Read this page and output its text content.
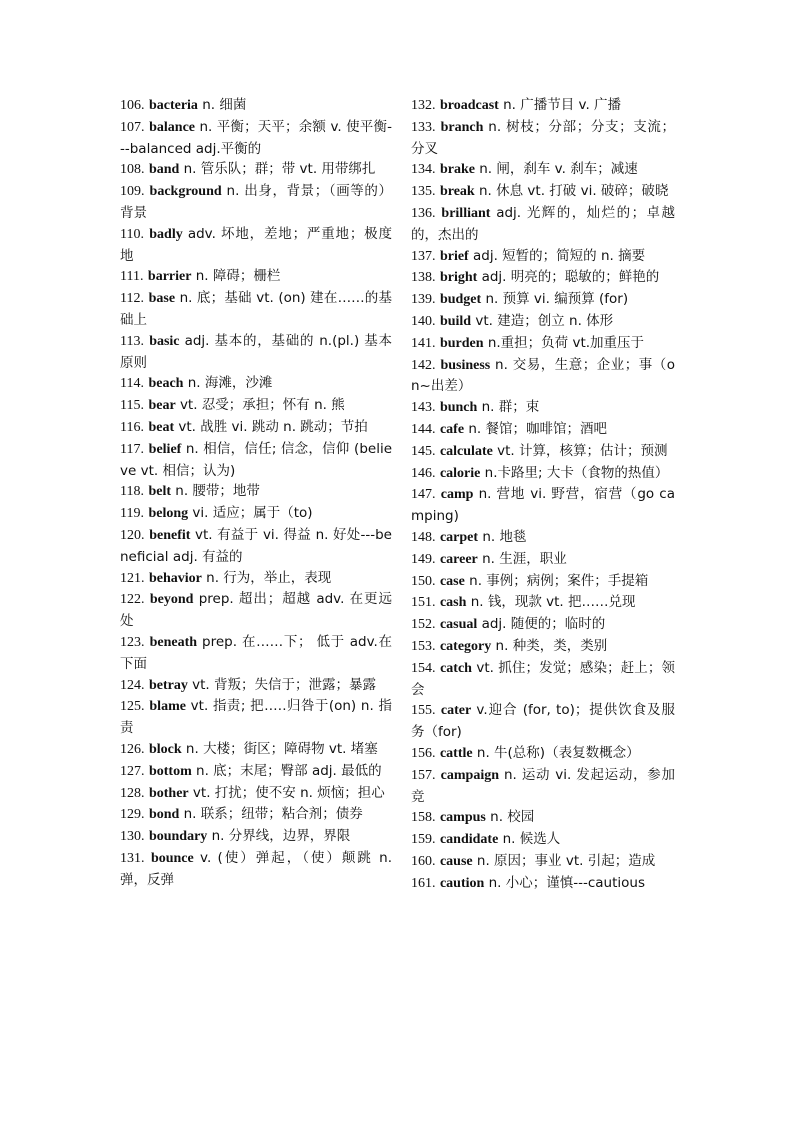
106. bacteria n. 细菌

107. balance n. 平衡；天平；余额 v. 使平衡---balanced adj.平衡的

108. band n. 管乐队；群；带 vt. 用带绑扎

109. background n. 出身，背景；（画等的）背景

110. badly adv. 坏地，差地；严重地；极度地

111. barrier n. 障碍；栅栏

112. base n. 底；基础 vt. (on) 建在……的基础上

113. basic adj. 基本的，基础的 n.(pl.) 基本原则

114. beach n. 海滩，沙滩

115. bear vt. 忍受；承担；怀有 n. 熊

116. beat vt. 战胜 vi. 跳动 n. 跳动；节拍

117. belief n. 相信，信任; 信念，信仰 (believe vt. 相信；认为)

118. belt n. 腰带；地带

119. belong vi. 适应；属于（to)

120. benefit vt. 有益于 vi. 得益 n. 好处---beneficial adj. 有益的

121. behavior n. 行为，举止，表现

122. beyond prep. 超出；超越 adv. 在更远处

123. beneath prep. 在……下； 低于 adv.在下面

124. betray vt. 背叛；失信于；泄露；暴露

125. blame vt. 指责; 把…‥归咎于(on) n. 指责

126. block n. 大楼；街区；障碍物 vt. 堵塞

127. bottom n. 底；末尾；臀部 adj. 最低的

128. bother vt. 打扰；使不安 n. 烦恼；担心

129. bond n. 联系；纽带；粘合剂；债券

130. boundary n. 分界线，边界，界限

131. bounce v. (使）弹起，（使）颠跳 n. 弹，反弹

132. broadcast n. 广播节目 v. 广播

133. branch n. 树枝；分部；分支；支流；分叉

134. brake n. 闸，刹车 v. 刹车；减速

135. break n. 休息 vt. 打破 vi. 破碎；破晓

136. brilliant adj. 光辉的，灿烂的；卓越的，杰出的

137. brief adj. 短暂的；简短的 n. 摘要

138. bright adj. 明亮的；聪敏的；鲜艳的

139. budget n. 预算 vi. 编预算 (for)

140. build vt. 建造；创立 n. 体形

141. burden n.重担；负荷 vt.加重压于

142. business n. 交易，生意；企业；事（on~出差）

143. bunch n. 群；束

144. cafe n. 餐馆；咖啡馆；酒吧

145. calculate vt. 计算，核算；估计；预测

146. calorie n.卡路里; 大卡（食物的热值）

147. camp n. 营地 vi. 野营，宿营（go camping)

148. carpet n. 地毯

149. career n. 生涯，职业

150. case n. 事例；病例；案件；手提箱

151. cash n. 钱，现款 vt. 把……兑现

152. casual adj. 随便的；临时的

153. category n. 种类，类，类别

154. catch vt. 抓住；发觉；感染；赶上；领会

155. cater v.迎合 (for, to)；提供饮食及服务（for)

156. cattle n. 牛(总称)（表复数概念）

157. campaign n. 运动 vi. 发起运动，参加竞

158. campus n. 校园

159. candidate n. 候选人

160. cause n. 原因；事业 vt. 引起；造成

161. caution n. 小心；谨慎---cautious
